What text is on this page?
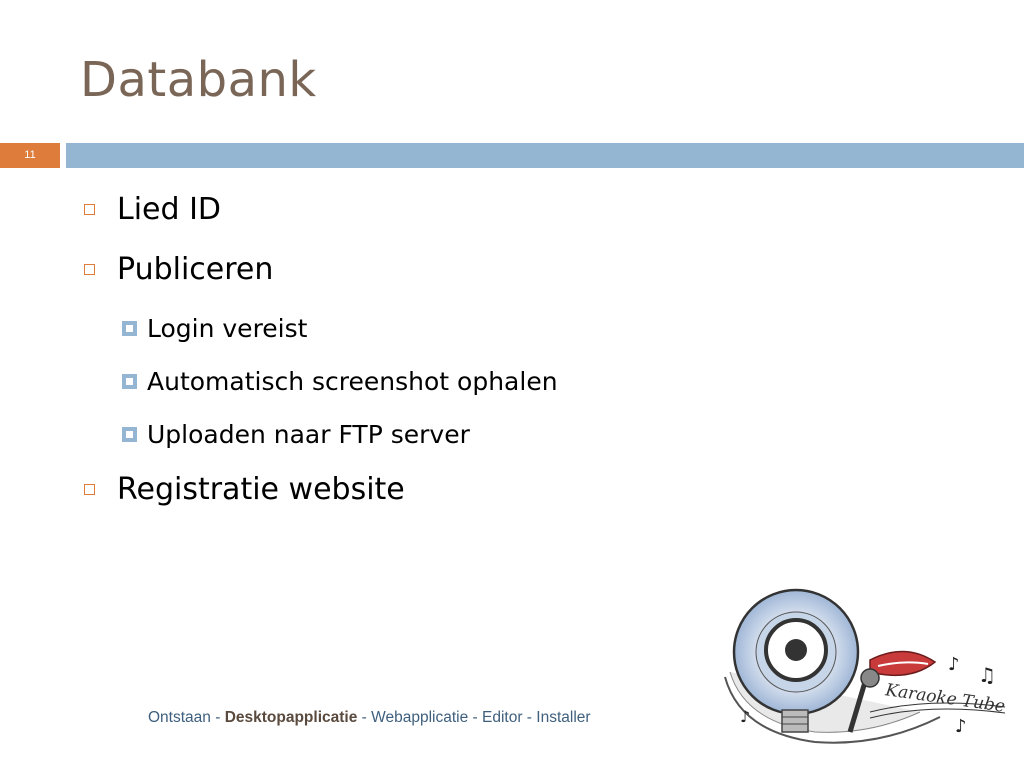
Databank
11
Lied ID
Publiceren
Login vereist
Automatisch screenshot ophalen
Uploaden naar FTP server
Registratie website
Ontstaan - Desktopapplicatie - Webapplicatie - Editor - Installer
♪ ♫
♪
♪	Karaoke Tube
